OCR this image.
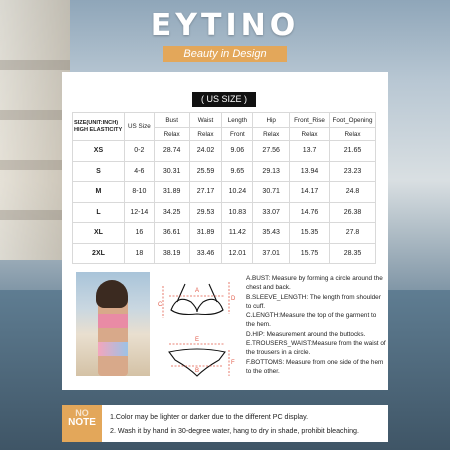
EYTINO
Beauty in Design
( US SIZE )
SIZE(UNIT:INCH) HIGH ELASTICITY	US Size	Bust	Waist	Length	Hip	Front_Rise	Foot_Opening
		Relax	Relax	Front	Relax	Relax	Relax
XS	0-2	28.74	24.02	9.06	27.56	13.7	21.65
S	4-6	30.31	25.59	9.65	29.13	13.94	23.23
M	8-10	31.89	27.17	10.24	30.71	14.17	24.8
L	12-14	34.25	29.53	10.83	33.07	14.76	26.38
XL	16	36.61	31.89	11.42	35.43	15.35	27.8
2XL	18	38.19	33.46	12.01	37.01	15.75	28.35
A
C
D
E
F
B

A.BUST: Measure by forming a circle around the chest and back.

B.SLEEVE_LENGTH: The length from shoulder to cuff.

C.LENGTH:Measure the top of the garment to the hem.

D.HIP: Measurement around the buttocks.

E.TROUSERS_WAIST:Measure from the waist of the trousers in a circle.

F.BOTTOMS: Measure from one side of the hem to the other.

NO
NOTE	1.Color may be lighter or darker due to the different PC display.
2. Wash it by hand in 30-degree water, hang to dry in shade, prohibit bleaching.
